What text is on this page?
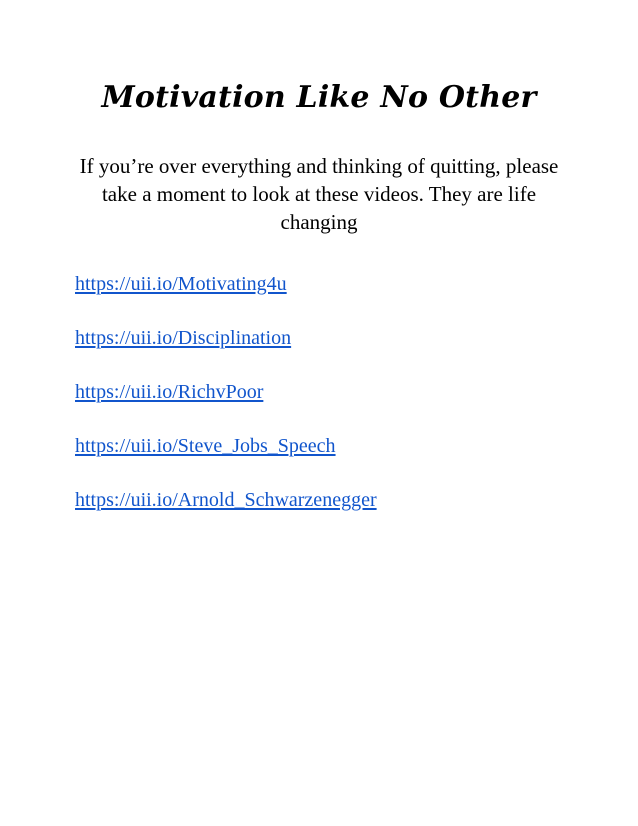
Motivation Like No Other

If you’re over everything and thinking of quitting, please take a moment to look at these videos. They are life changing

https://uii.io/Motivating4u
https://uii.io/Disciplination
https://uii.io/RichvPoor
https://uii.io/Steve_Jobs_Speech
https://uii.io/Arnold_Schwarzenegger
